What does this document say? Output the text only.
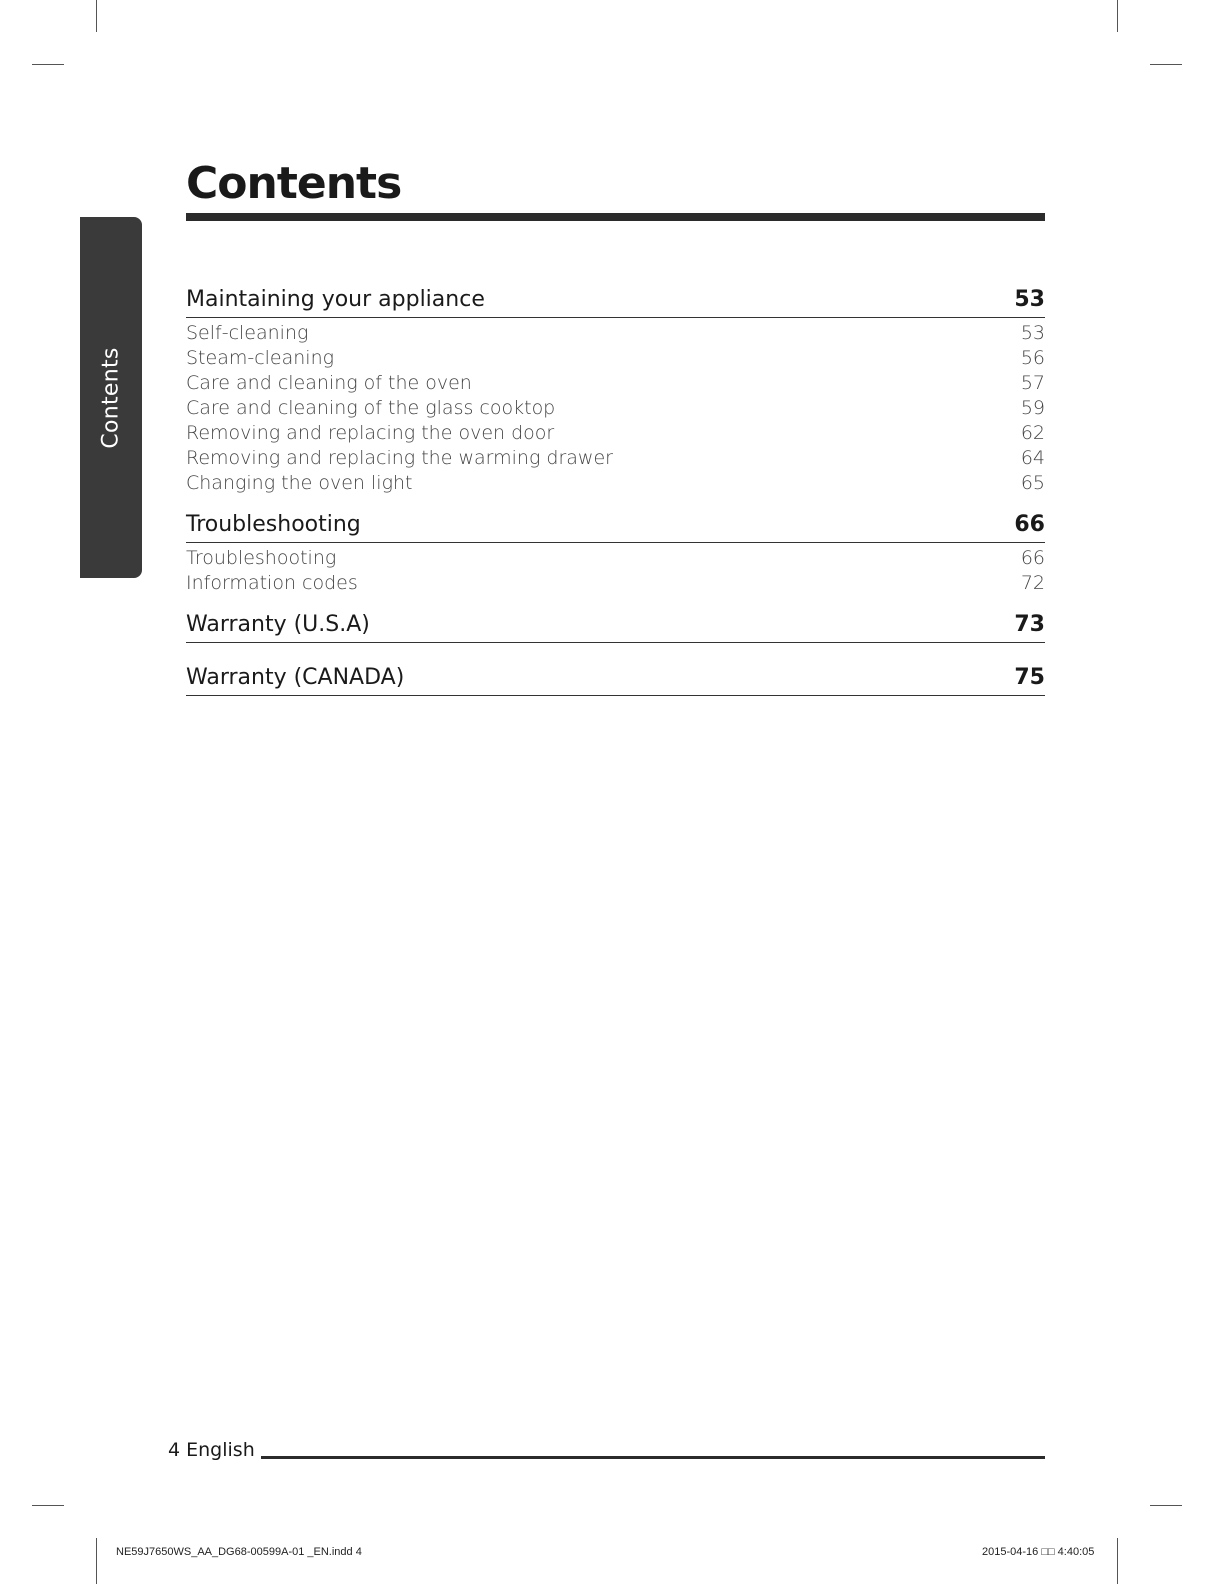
Contents
Contents
Maintaining your appliance	53
Self-cleaning	53
Steam-cleaning	56
Care and cleaning of the oven	57
Care and cleaning of the glass cooktop	59
Removing and replacing the oven door	62
Removing and replacing the warming drawer	64
Changing the oven light	65
Troubleshooting	66
Troubleshooting	66
Information codes	72
Warranty (U.S.A)	73
Warranty (CANADA)	75
4 English
NE59J7650WS_AA_DG68-00599A-01 _EN.indd 4	2015-04-16 □□ 4:40:05
